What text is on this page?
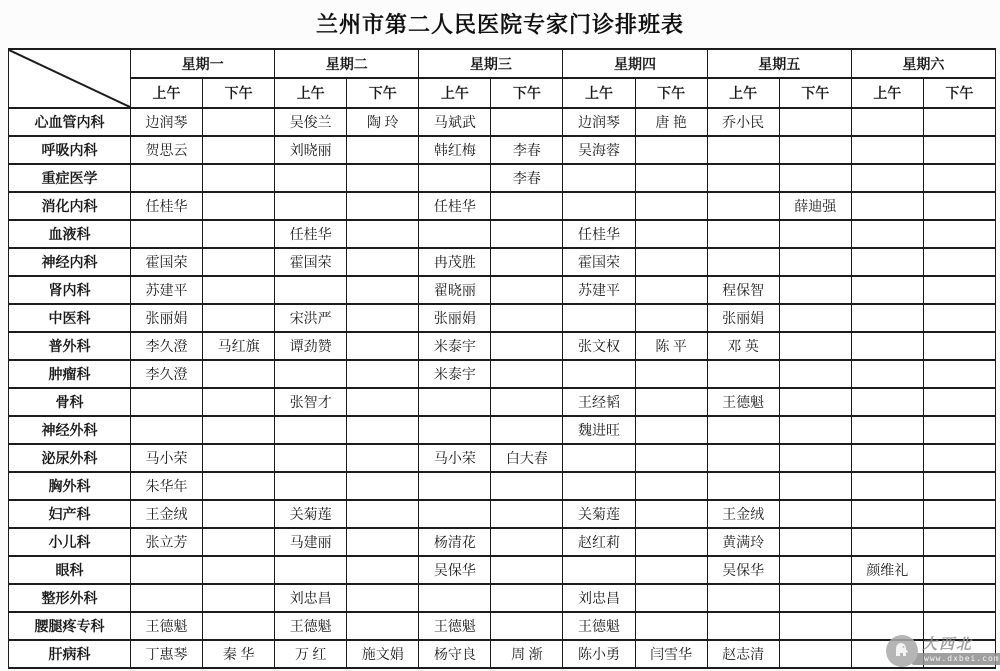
兰州市第二人民医院专家门诊排班表
	星期一		星期二		星期三		星期四		星期五		星期六	
	上午	下午	上午	下午	上午	下午	上午	下午	上午	下午	上午	下午
心血管内科	边润琴		吴俊兰	陶 玲	马斌武		边润琴	唐 艳	乔小民			
呼吸内科	贺思云		刘晓丽		韩红梅	李春	吴海蓉					
重症医学						李春						
消化内科	任桂华				任桂华					薛迪强		
血液科			任桂华				任桂华					
神经内科	霍国荣		霍国荣		冉茂胜		霍国荣					
肾内科	苏建平				翟晓丽		苏建平		程保智			
中医科	张丽娟		宋洪严		张丽娟				张丽娟			
普外科	李久澄	马红旗	谭劲赞		米泰宇		张文权	陈 平	邓 英			
肿瘤科	李久澄				米泰宇							
骨科			张智才				王经韬		王德魁			
神经外科							魏进旺					
泌尿外科	马小荣				马小荣	白大春						
胸外科	朱华年											
妇产科	王金绒		关菊莲				关菊莲		王金绒			
小儿科	张立芳		马建丽		杨清花		赵红莉		黄满玲			
眼科					吴保华				吴保华		颜维礼	
整形外科			刘忠昌				刘忠昌					
腰腿疼专科	王德魁		王德魁		王德魁		王德魁					
肝病科	丁惠琴	秦 华	万 红	施文娟	杨守良	周 渐	陈小勇	闫雪华	赵志清			
大西北
www.dxbei.com
